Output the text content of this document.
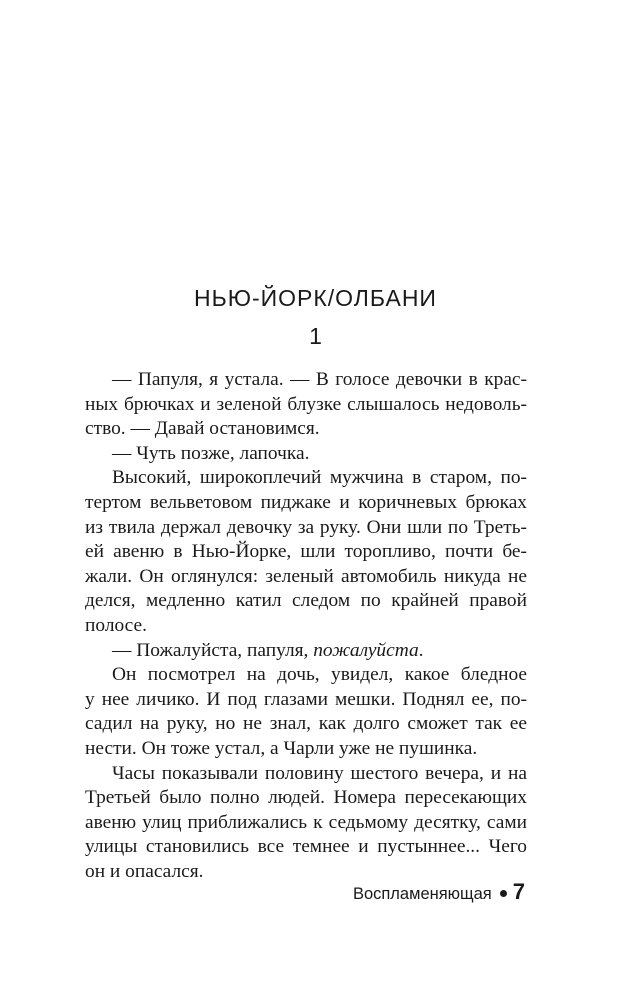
НЬЮ-ЙОРК/ОЛБАНИ
1
— Папуля, я устала. — В голосе девочки в крас-
ных брючках и зеленой блузке слышалось недоволь-
ство. — Давай остановимся.
— Чуть позже, лапочка.
Высокий, широкоплечий мужчина в старом, по-
тертом вельветовом пиджаке и коричневых брюках
из твила держал девочку за руку. Они шли по Треть-
ей авеню в Нью-Йорке, шли торопливо, почти бе-
жали. Он оглянулся: зеленый автомобиль никуда не
делся, медленно катил следом по крайней правой
полосе.
— Пожалуйста, папуля, пожалуйста.
Он посмотрел на дочь, увидел, какое бледное
у нее личико. И под глазами мешки. Поднял ее, по-
садил на руку, но не знал, как долго сможет так ее
нести. Он тоже устал, а Чарли уже не пушинка.
Часы показывали половину шестого вечера, и на
Третьей было полно людей. Номера пересекающих
авеню улиц приближались к седьмому десятку, сами
улицы становились все темнее и пустыннее... Чего
он и опасался.
Воспламеняющая 7
